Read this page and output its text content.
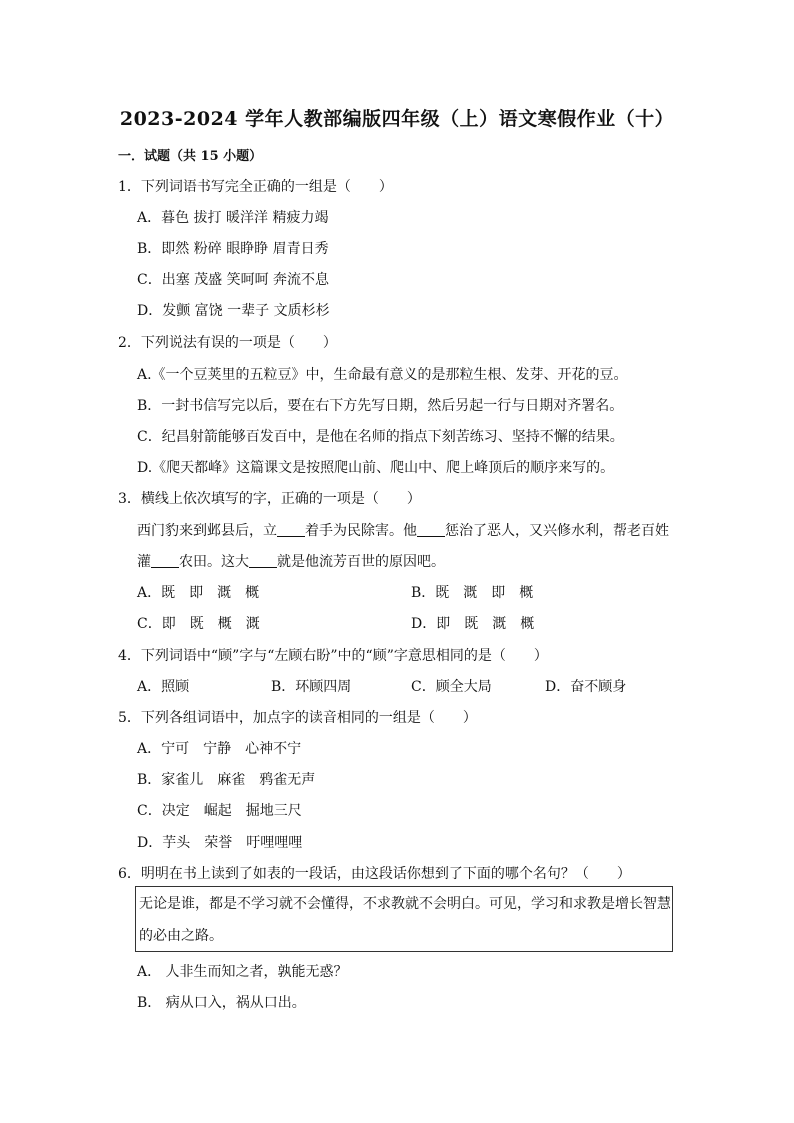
2023-2024 学年人教部编版四年级（上）语文寒假作业（十）
一．试题（共 15 小题）
1．下列词语书写完全正确的一组是（　　）
A．暮色 拔打 暖洋洋 精疲力竭
B．即然 粉碎 眼睁睁 眉青日秀
C．出塞 茂盛 笑呵呵 奔流不息
D．发颤 富饶 一辈子 文质杉杉
2．下列说法有误的一项是（　　）
A.《一个豆荚里的五粒豆》中，生命最有意义的是那粒生根、发芽、开花的豆。
B．一封书信写完以后，要在右下方先写日期，然后另起一行与日期对齐署名。
C．纪昌射箭能够百发百中，是他在名师的指点下刻苦练习、坚持不懈的结果。
D.《爬天都峰》这篇课文是按照爬山前、爬山中、爬上峰顶后的顺序来写的。
3．横线上依次填写的字，正确的一项是（　　）
西门豹来到邺县后，立 着手为民除害。他 惩治了恶人，又兴修水利，帮老百姓
灌 农田。这大 就是他流芳百世的原因吧。
A．既　即　溉　概	B．既　溉　即　概
C．即　既　概　溉	D．即　既　溉　概
4．下列词语中“顾”字与“左顾右盼”中的“顾”字意思相同的是（　　）
A．照顾	B．环顾四周	C．顾全大局	D．奋不顾身
5．下列各组词语中，加点字的读音相同的一组是（　　）
A．宁可　宁静　心神不宁
B．家雀儿　麻雀　鸦雀无声
C．决定　崛起　掘地三尺
D．芋头　荣誉　吁哩哩哩
6．明明在书上读到了如表的一段话，由这段话你想到了下面的哪个名句？（　　）
无论是谁，都是不学习就不会懂得，不求教就不会明白。可见，学习和求教是增长智慧
的必由之路。
A． 人非生而知之者，孰能无惑？
B． 病从口入，祸从口出。
